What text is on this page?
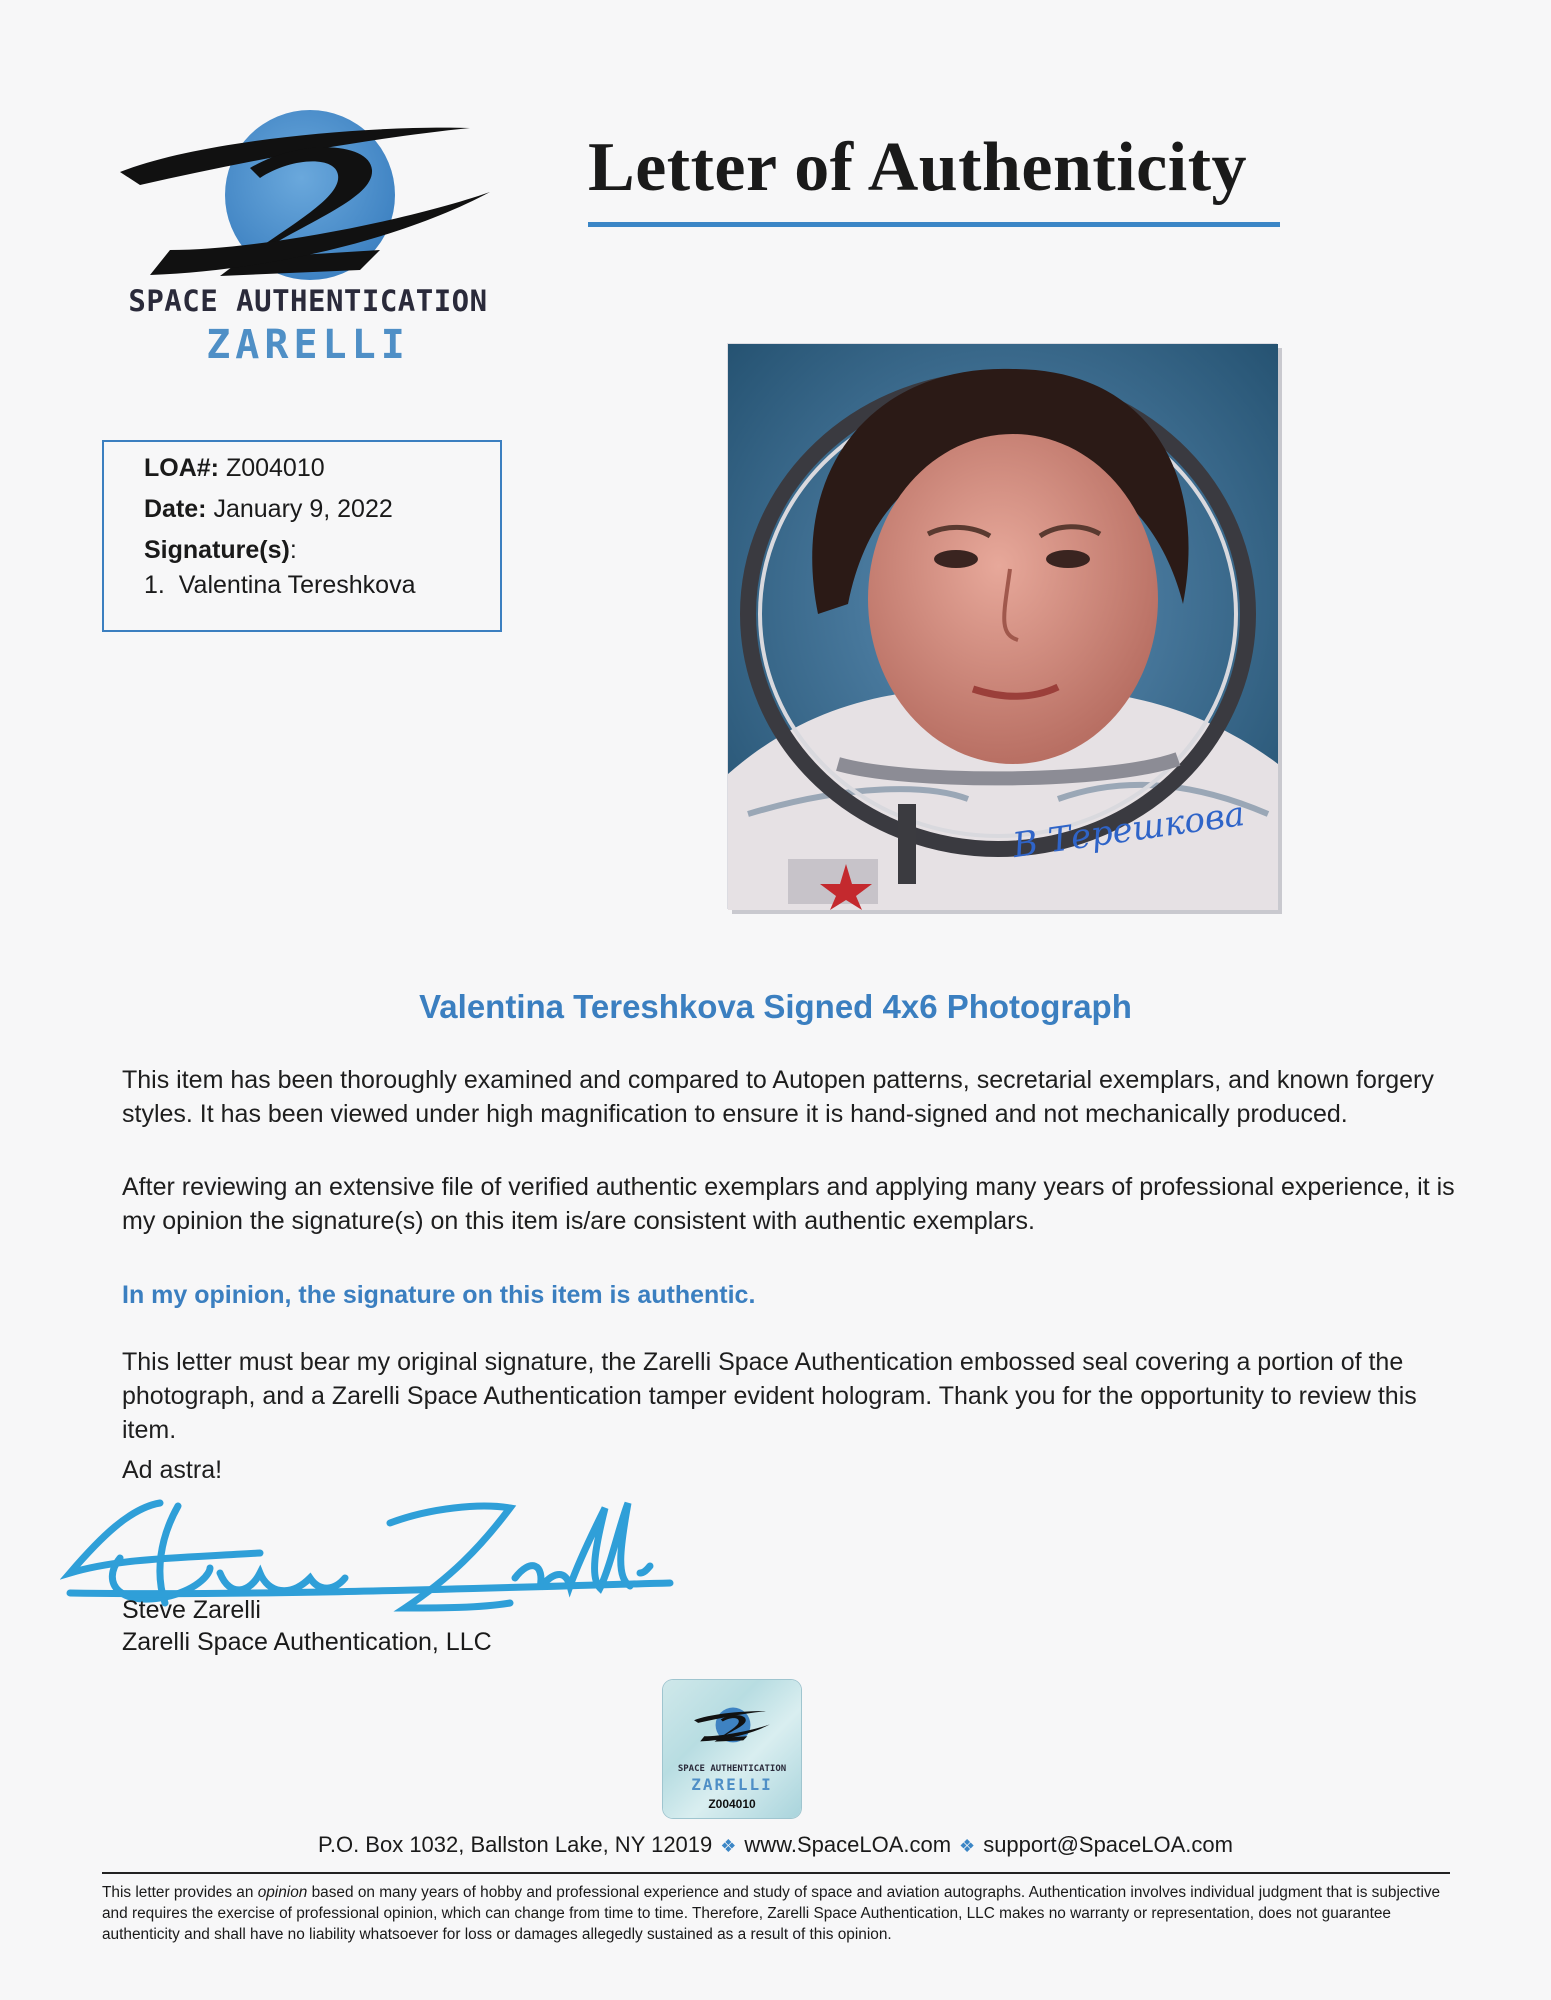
SPACE AUTHENTICATION
ZARELLI
Letter of Authenticity
LOA#: Z004010
Date: January 9, 2022
Signature(s):
1.  Valentina Tereshkova
В Терешкова
Valentina Tereshkova Signed 4x6 Photograph
This item has been thoroughly examined and compared to Autopen patterns, secretarial exemplars, and known forgery styles. It has been viewed under high magnification to ensure it is hand-signed and not mechanically produced.
After reviewing an extensive file of verified authentic exemplars and applying many years of professional experience, it is my opinion the signature(s) on this item is/are consistent with authentic exemplars.
In my opinion, the signature on this item is authentic.
This letter must bear my original signature, the Zarelli Space Authentication embossed seal covering a portion of the photograph, and a Zarelli Space Authentication tamper evident hologram. Thank you for the opportunity to review this item.
Ad astra!
Steve Zarelli
Zarelli Space Authentication, LLC
SPACE AUTHENTICATION
ZARELLI
Z004010
P.O. Box 1032, Ballston Lake, NY 12019 ❖ www.SpaceLOA.com ❖ support@SpaceLOA.com
This letter provides an opinion based on many years of hobby and professional experience and study of space and aviation autographs. Authentication involves individual judgment that is subjective and requires the exercise of professional opinion, which can change from time to time. Therefore, Zarelli Space Authentication, LLC makes no warranty or representation, does not guarantee authenticity and shall have no liability whatsoever for loss or damages allegedly sustained as a result of this opinion.
